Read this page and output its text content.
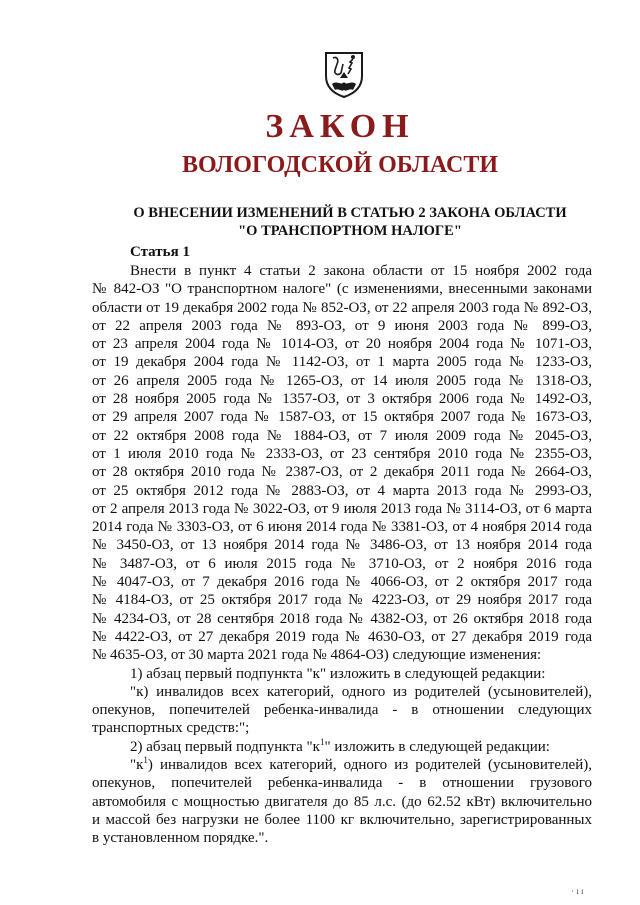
ЗАКОН
ВОЛОГОДСКОЙ ОБЛАСТИ
О ВНЕСЕНИИ ИЗМЕНЕНИЙ В СТАТЬЮ 2 ЗАКОНА ОБЛАСТИ
"О ТРАНСПОРТНОМ НАЛОГЕ"
Статья 1
Внести в пункт 4 статьи 2 закона области от 15 ноября 2002 года
№ 842-ОЗ "О транспортном налоге" (с изменениями, внесенными законами
области от 19 декабря 2002 года № 852-ОЗ, от 22 апреля 2003 года № 892-ОЗ,
от 22 апреля 2003 года № 893-ОЗ, от 9 июня 2003 года № 899-ОЗ,
от 23 апреля 2004 года № 1014-ОЗ, от 20 ноября 2004 года № 1071-ОЗ,
от 19 декабря 2004 года № 1142-ОЗ, от 1 марта 2005 года № 1233-ОЗ,
от 26 апреля 2005 года № 1265-ОЗ, от 14 июля 2005 года № 1318-ОЗ,
от 28 ноября 2005 года № 1357-ОЗ, от 3 октября 2006 года № 1492-ОЗ,
от 29 апреля 2007 года № 1587-ОЗ, от 15 октября 2007 года № 1673-ОЗ,
от 22 октября 2008 года № 1884-ОЗ, от 7 июля 2009 года № 2045-ОЗ,
от 1 июля 2010 года № 2333-ОЗ, от 23 сентября 2010 года № 2355-ОЗ,
от 28 октября 2010 года № 2387-ОЗ, от 2 декабря 2011 года № 2664-ОЗ,
от 25 октября 2012 года № 2883-ОЗ, от 4 марта 2013 года № 2993-ОЗ,
от 2 апреля 2013 года № 3022-ОЗ, от 9 июля 2013 года № 3114-ОЗ, от 6 марта
2014 года № 3303-ОЗ, от 6 июня 2014 года № 3381-ОЗ, от 4 ноября 2014 года
№ 3450-ОЗ, от 13 ноября 2014 года № 3486-ОЗ, от 13 ноября 2014 года
№ 3487-ОЗ, от 6 июля 2015 года № 3710-ОЗ, от 2 ноября 2016 года
№ 4047-ОЗ, от 7 декабря 2016 года № 4066-ОЗ, от 2 октября 2017 года
№ 4184-ОЗ, от 25 октября 2017 года № 4223-ОЗ, от 29 ноября 2017 года
№ 4234-ОЗ, от 28 сентября 2018 года № 4382-ОЗ, от 26 октября 2018 года
№ 4422-ОЗ, от 27 декабря 2019 года № 4630-ОЗ, от 27 декабря 2019 года
№ 4635-ОЗ, от 30 марта 2021 года № 4864-ОЗ) следующие изменения:
1) абзац первый подпункта "к" изложить в следующей редакции:
"к) инвалидов всех категорий, одного из родителей (усыновителей),
опекунов, попечителей ребенка-инвалида - в отношении следующих
транспортных средств:";
2) абзац первый подпункта "$к^1$" изложить в следующей редакции:
"$к^1$) инвалидов всех категорий, одного из родителей (усыновителей),
опекунов, попечителей ребенка-инвалида - в отношении грузового
автомобиля с мощностью двигателя до 85 л.с. (до 62.52 кВт) включительно
и массой без нагрузки не более 1100 кг включительно, зарегистрированных
в установленном порядке.".
· ı ı
